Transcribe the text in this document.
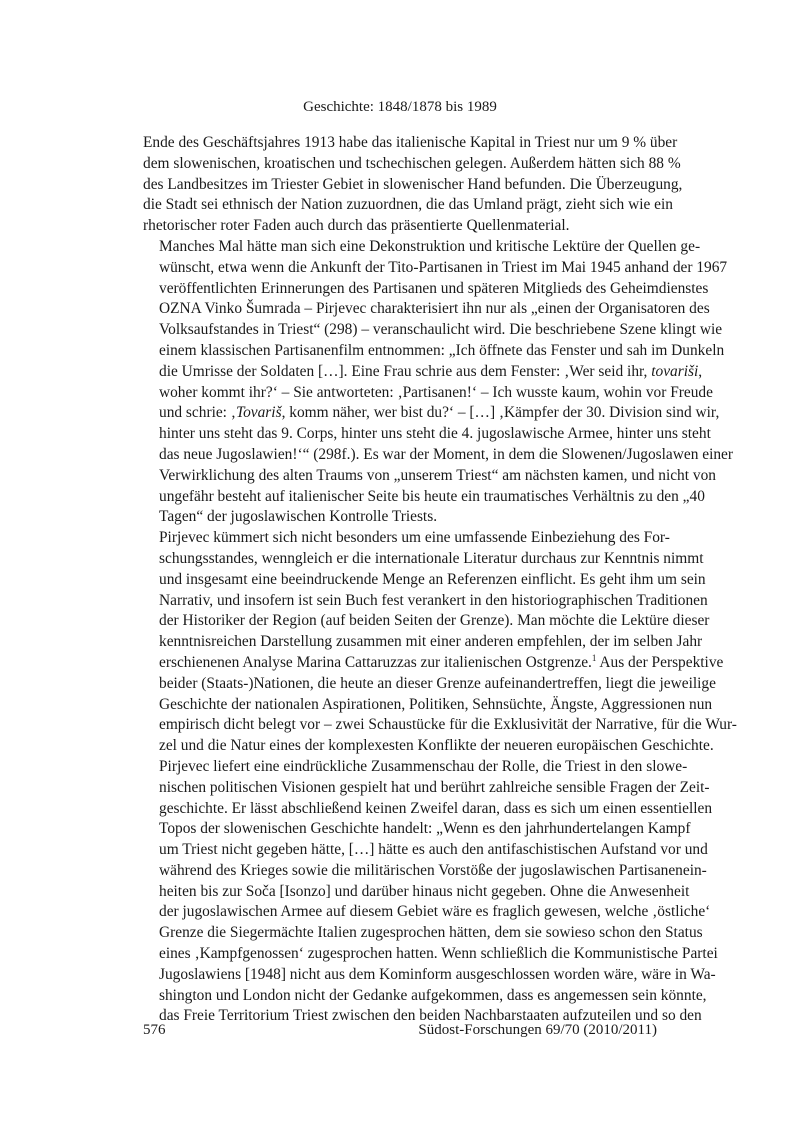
Geschichte: 1848/1878 bis 1989
Ende des Geschäftsjahres 1913 habe das italienische Kapital in Triest nur um 9 % über
dem slowenischen, kroatischen und tschechischen gelegen. Außerdem hätten sich 88 %
des Landbesitzes im Triester Gebiet in slowenischer Hand befunden. Die Überzeugung,
die Stadt sei ethnisch der Nation zuzuordnen, die das Umland prägt, zieht sich wie ein
rhetorischer roter Faden auch durch das präsentierte Quellenmaterial.
Manches Mal hätte man sich eine Dekonstruktion und kritische Lektüre der Quellen ge-
wünscht, etwa wenn die Ankunft der Tito-Partisanen in Triest im Mai 1945 anhand der 1967
veröffentlichten Erinnerungen des Partisanen und späteren Mitglieds des Geheimdienstes
OZNA Vinko Šumrada – Pirjevec charakterisiert ihn nur als „einen der Organisatoren des
Volksaufstandes in Triest“ (298) – veranschaulicht wird. Die beschriebene Szene klingt wie
einem klassischen Partisanenfilm entnommen: „Ich öffnete das Fenster und sah im Dunkeln
die Umrisse der Soldaten […]. Eine Frau schrie aus dem Fenster: ‚Wer seid ihr, tovariši,
woher kommt ihr?‘ – Sie antworteten: ‚Partisanen!‘ – Ich wusste kaum, wohin vor Freude
und schrie: ‚Tovariš, komm näher, wer bist du?‘ – […] ‚Kämpfer der 30. Division sind wir,
hinter uns steht das 9. Corps, hinter uns steht die 4. jugoslawische Armee, hinter uns steht
das neue Jugoslawien!‘“ (298f.). Es war der Moment, in dem die Slowenen/Jugoslawen einer
Verwirklichung des alten Traums von „unserem Triest“ am nächsten kamen, und nicht von
ungefähr besteht auf italienischer Seite bis heute ein traumatisches Verhältnis zu den „40
Tagen“ der jugoslawischen Kontrolle Triests.
Pirjevec kümmert sich nicht besonders um eine umfassende Einbeziehung des For-
schungsstandes, wenngleich er die internationale Literatur durchaus zur Kenntnis nimmt
und insgesamt eine beeindruckende Menge an Referenzen einflicht. Es geht ihm um sein
Narrativ, und insofern ist sein Buch fest verankert in den historiographischen Traditionen
der Historiker der Region (auf beiden Seiten der Grenze). Man möchte die Lektüre dieser
kenntnisreichen Darstellung zusammen mit einer anderen empfehlen, der im selben Jahr
erschienenen Analyse Marina Cattaruzzas zur italienischen Ostgrenze.$^1$ Aus der Perspektive
beider (Staats-)Nationen, die heute an dieser Grenze aufeinandertreffen, liegt die jeweilige
Geschichte der nationalen Aspirationen, Politiken, Sehnsüchte, Ängste, Aggressionen nun
empirisch dicht belegt vor – zwei Schaustücke für die Exklusivität der Narrative, für die Wur-
zel und die Natur eines der komplexesten Konflikte der neueren europäischen Geschichte.
Pirjevec liefert eine eindrückliche Zusammenschau der Rolle, die Triest in den slowe-
nischen politischen Visionen gespielt hat und berührt zahlreiche sensible Fragen der Zeit-
geschichte. Er lässt abschließend keinen Zweifel daran, dass es sich um einen essentiellen
Topos der slowenischen Geschichte handelt: „Wenn es den jahrhundertelangen Kampf
um Triest nicht gegeben hätte, […] hätte es auch den antifaschistischen Aufstand vor und
während des Krieges sowie die militärischen Vorstöße der jugoslawischen Partisanenein-
heiten bis zur Soča [Isonzo] und darüber hinaus nicht gegeben. Ohne die Anwesenheit
der jugoslawischen Armee auf diesem Gebiet wäre es fraglich gewesen, welche ‚östliche‘
Grenze die Siegermächte Italien zugesprochen hätten, dem sie sowieso schon den Status
eines ‚Kampfgenossen‘ zugesprochen hatten. Wenn schließlich die Kommunistische Partei
Jugoslawiens [1948] nicht aus dem Kominform ausgeschlossen worden wäre, wäre in Wa-
shington und London nicht der Gedanke aufgekommen, dass es angemessen sein könnte,
das Freie Territorium Triest zwischen den beiden Nachbarstaaten aufzuteilen und so den
576	Südost-Forschungen 69/70 (2010/2011)
